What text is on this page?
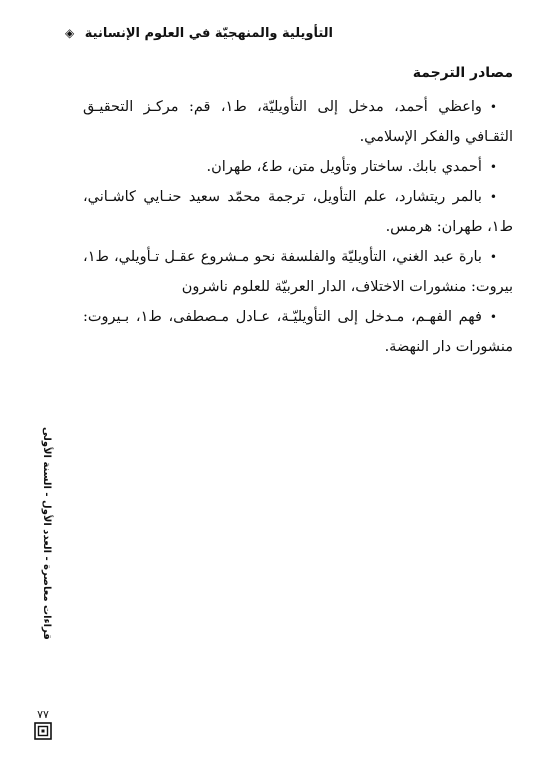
التأويلية والمنهجيّة في العلوم الإنسانية ◈
مصادر الترجمة
•واعظي أحمد، مدخل إلى التأويليّة، ط١، قم: مركـز التحقيـق الثقـافي والفكر الإسلامي.
•أحمدي بابك. ساختار وتأويل متن، ط٤، طهران.
•بالمر ريتشارد، علم التأويل، ترجمة محمّد سعيد حنـايي كاشـاني، ط١، طهران: هرمس.
•بارة عبد الغني، التأويليّة والفلسفة نحو مـشروع عقـل تـأويلي، ط١، بيروت: منشورات الاختلاف، الدار العربيّة للعلوم ناشرون
•فهم الفهـم، مـدخل إلى التأويليّـة، عـادل مـصطفى، ط١، بـيروت: منشورات دار النهضة.
قراءات معاصرة - العدد الأول - السنة الأولى
٧٧
